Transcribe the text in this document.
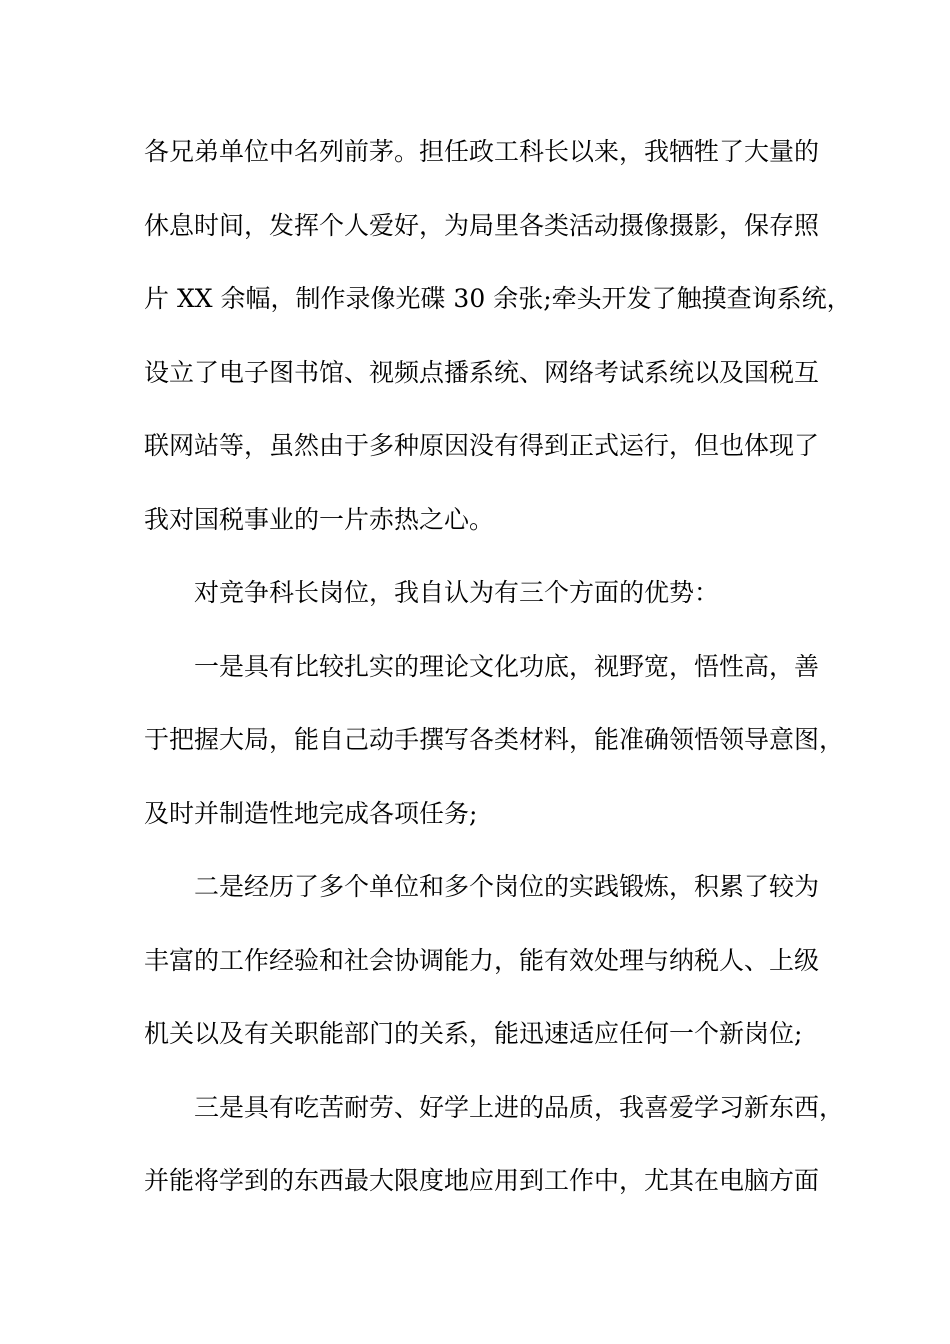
各兄弟单位中名列前茅。担任政工科长以来，我牺牲了大量的
休息时间，发挥个人爱好，为局里各类活动摄像摄影，保存照
片 XX 余幅，制作录像光碟 30 余张;牵头开发了触摸查询系统，
设立了电子图书馆、视频点播系统、网络考试系统以及国税互
联网站等，虽然由于多种原因没有得到正式运行，但也体现了
我对国税事业的一片赤热之心。
对竞争科长岗位，我自认为有三个方面的优势：
一是具有比较扎实的理论文化功底，视野宽，悟性高，善
于把握大局，能自己动手撰写各类材料，能准确领悟领导意图，
及时并制造性地完成各项任务;
二是经历了多个单位和多个岗位的实践锻炼，积累了较为
丰富的工作经验和社会协调能力，能有效处理与纳税人、上级
机关以及有关职能部门的关系，能迅速适应任何一个新岗位;
三是具有吃苦耐劳、好学上进的品质，我喜爱学习新东西，
并能将学到的东西最大限度地应用到工作中，尤其在电脑方面
